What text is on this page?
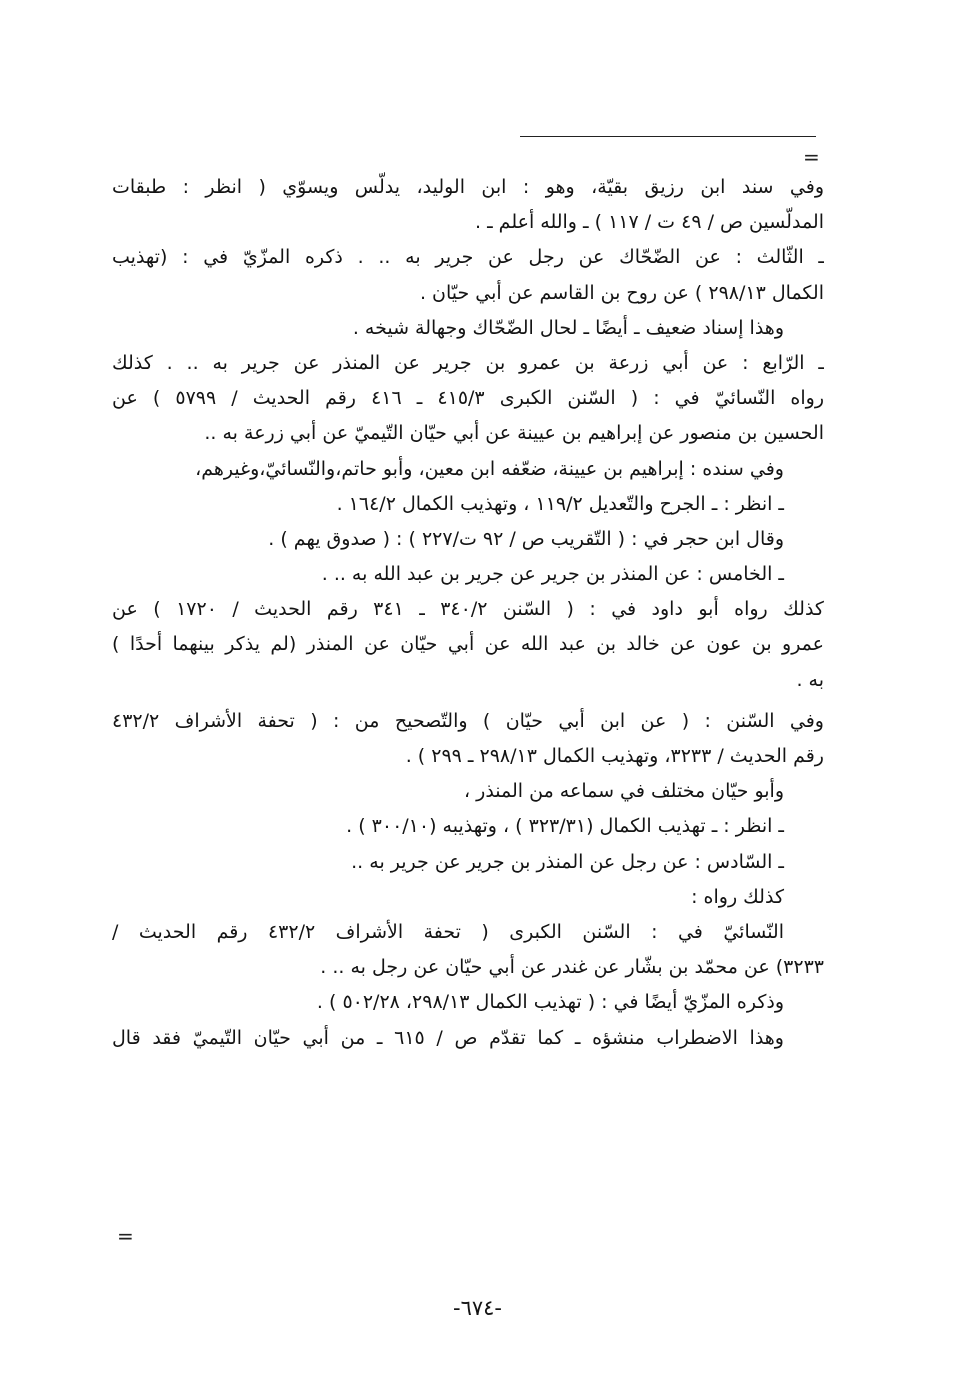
=
وفي سند ابن رزيق بقيّة، وهو : ابن الوليد، يدلّس ويسوّي ( انظر : طبقات
المدلّسين ص / ٤٩ ت / ١١٧ ) ـ والله أعلم ـ .
ـ الثّالث : عن الضّحّاك عن رجل عن جرير به .. . ذكره المزّيّ في : (تهذيب
الكمال ٢٩٨/١٣ ) عن روح بن القاسم عن أبي حيّان .
وهذا إسناد ضعيف ـ أيضًا ـ لحال الضّحّاك وجهالة شيخه .
ـ الرّابع : عن أبي زرعة بن عمرو بن جرير عن المنذر عن جرير به .. . كذلك
رواه النّسائيّ في : ( السّنن الكبرى ٤١٥/٣ ـ ٤١٦ رقم الحديث / ٥٧٩٩ ) عن
الحسين بن منصور عن إبراهيم بن عيينة عن أبي حيّان التّيميّ عن أبي زرعة به ..
وفي سنده : إبراهيم بن عيينة، ضعّفه ابن معين، وأبو حاتم،والنّسائيّ،وغيرهم،
ـ انظر : ـ الجرح والتّعديل ١١٩/٢ ، وتهذيب الكمال ١٦٤/٢ .
وقال ابن حجر في : ( التّقريب ص / ٩٢ ت/٢٢٧ ) : ( صدوق يهم ) .
ـ الخامس : عن المنذر بن جرير عن جرير بن عبد الله به .. .
كذلك رواه أبو داود في : ( السّنن ٣٤٠/٢ ـ ٣٤١ رقم الحديث / ١٧٢٠ ) عن
عمرو بن عون عن خالد بن عبد الله عن أبي حيّان عن المنذر (لم يذكر بينهما أحدًا )
به .
وفي السّنن : ( عن ابن أبي حيّان ) والتّصحيح من : ( تحفة الأشراف ٤٣٢/٢
رقم الحديث / ٣٢٣٣، وتهذيب الكمال ٢٩٨/١٣ ـ ٢٩٩ ) .
وأبو حيّان مختلف في سماعه من المنذر ،
ـ انظر : ـ تهذيب الكمال (٣٢٣/٣١ ) ، وتهذيبه (٣٠٠/١٠ ) .
ـ السّادس : عن رجل عن المنذر بن جرير عن جرير به ..
كذلك رواه :
النّسائيّ في : السّنن الكبرى ( تحفة الأشراف ٤٣٢/٢ رقم الحديث /
٣٢٣٣) عن محمّد بن بشّار عن غندر عن أبي حيّان عن رجل به .. .
وذكره المزّيّ أيضًا في : ( تهذيب الكمال ٢٩٨/١٣، ٥٠٢/٢٨ ) .
وهذا الاضطراب منشؤه ـ كما تقدّم ص / ٦١٥ ـ من أبي حيّان التّيميّ فقد قال
=
-٦٧٤-
